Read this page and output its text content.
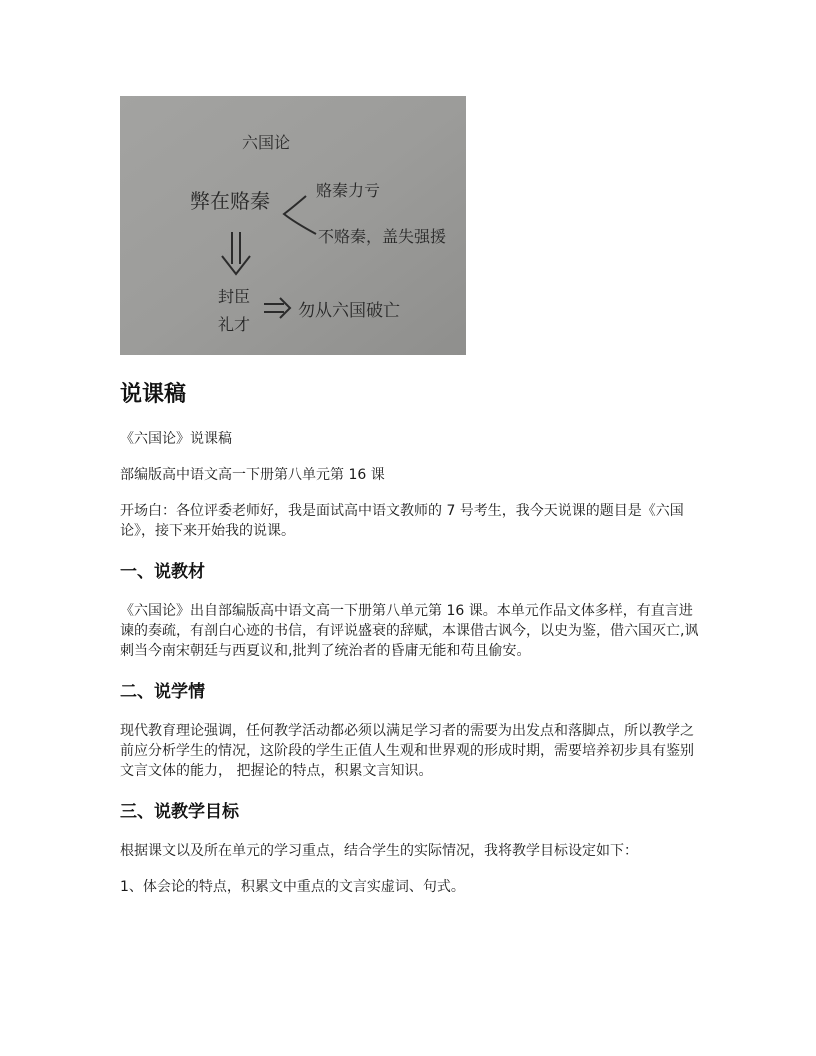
六国论
弊在赂秦	赂秦力亏
不赂秦，盖失强援
封臣
礼才
勿从六国破亡
说课稿

《六国论》说课稿

部编版高中语文高一下册第八单元第 16 课

开场白：各位评委老师好，我是面试高中语文教师的 7 号考生，我今天说课的题目是《六国论》，接下来开始我的说课。

一、说教材

《六国论》出自部编版高中语文高一下册第八单元第 16 课。本单元作品文体多样，有直言进谏的奏疏，有剖白心迹的书信，有评说盛衰的辞赋，本课借古讽今，以史为鉴，借六国灭亡,讽刺当今南宋朝廷与西夏议和,批判了统治者的昏庸无能和苟且偷安。

二、说学情

现代教育理论强调，任何教学活动都必须以满足学习者的需要为出发点和落脚点，所以教学之前应分析学生的情况，这阶段的学生正值人生观和世界观的形成时期，需要培养初步具有鉴别文言文体的能力， 把握论的特点，积累文言知识。

三、说教学目标

根据课文以及所在单元的学习重点，结合学生的实际情况，我将教学目标设定如下：

1、体会论的特点，积累文中重点的文言实虚词、句式。
